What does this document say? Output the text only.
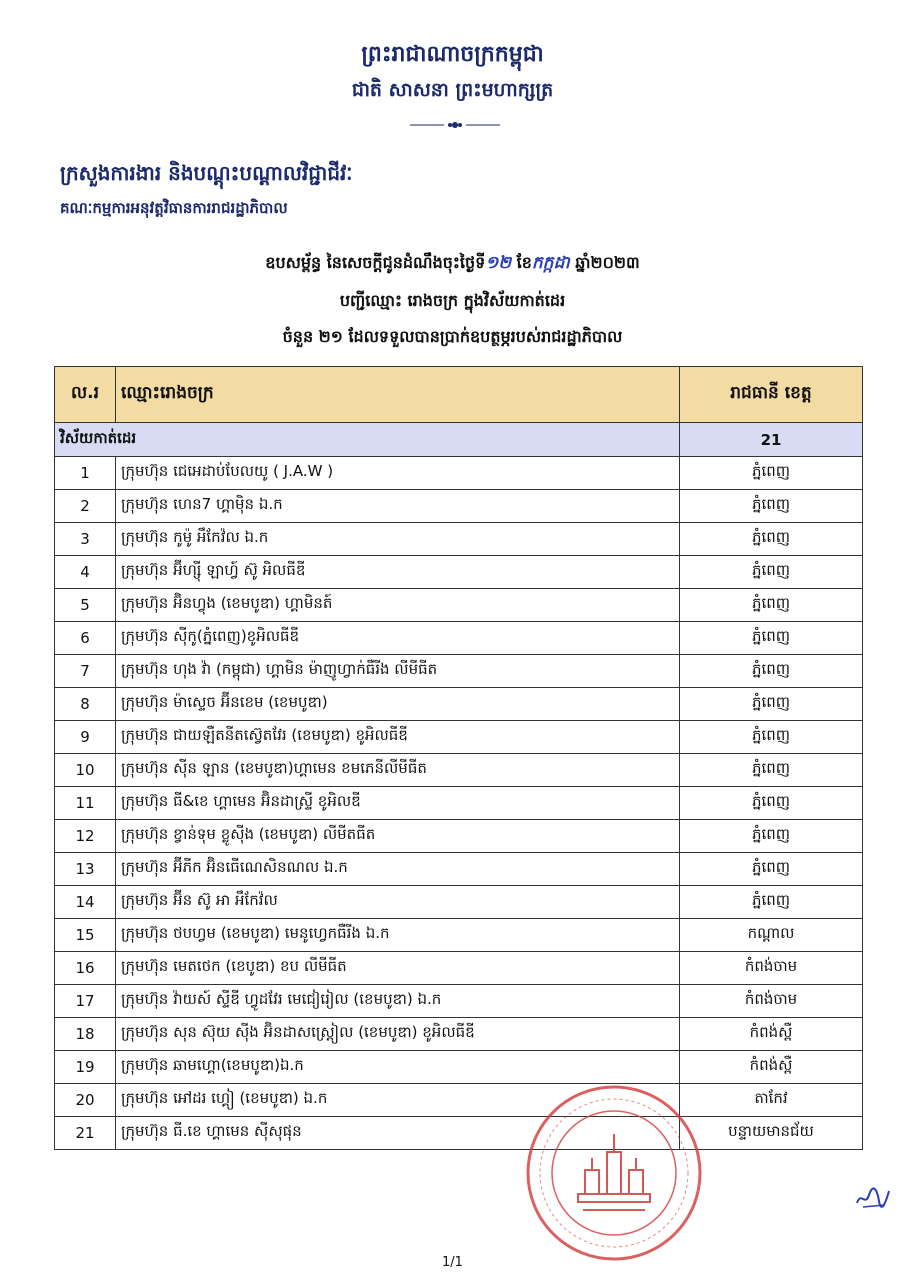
ព្រះរាជាណាចក្រកម្ពុជា
ជាតិ សាសនា ព្រះមហាក្សត្រ
ក្រសួងការងារ និងបណ្តុះបណ្តាលវិជ្ជាជីវៈ
គណៈកម្មការអនុវត្តវិធានការរាជរដ្ឋាភិបាល
ឧបសម្ព័ន្ធ នៃសេចក្តីជូនដំណឹងចុះថ្ងៃទី១២ ខែកក្កដា ឆ្នាំ២០២៣
បញ្ជីឈ្មោះ រោងចក្រ ក្នុងវិស័យកាត់ដេរ
ចំនួន ២១ ដែលទទួលបានប្រាក់ឧបត្ថម្ភរបស់រាជរដ្ឋាភិបាល
ល.រ	ឈ្មោះរោងចក្រ	រាជធានី ខេត្ត
វិស័យកាត់ដេរ		21
1	ក្រុមហ៊ុន ជេអេដាប់បែលយូ ( J.A.W )	ភ្នំពេញ
2	ក្រុមហ៊ុន ហេន7 ហ្គាម៉ិន ឯ.ក	ភ្នំពេញ
3	ក្រុមហ៊ុន កូម៉ូ អឹកែវ៉ល ឯ.ក	ភ្នំពេញ
4	ក្រុមហ៊ុន អ៊ីហ្ស៊ី ឡាហ្វ៍ ស៊ូ អិលធីឌី	ភ្នំពេញ
5	ក្រុមហ៊ុន អ៊ិនហ្វុង (ខេមបូឌា) ហ្គាមិនត៍	ភ្នំពេញ
6	ក្រុមហ៊ុន ស៊ីកូ(ភ្នំពេញ)ខូអិលធីឌី	ភ្នំពេញ
7	ក្រុមហ៊ុន ហុង វ៉ា (កម្ពុជា) ហ្គាមិន ម៉ាញូហ្វាក់ធឺរីង លីមីធីត	ភ្នំពេញ
8	ក្រុមហ៊ុន ម៉ាស្ទេច អ៊ីនខេម (ខេមបូឌា)	ភ្នំពេញ
9	ក្រុមហ៊ុន ជាយឡឺតនីតស្វ៊េតវែរ (ខេមបូឌា) ខូអិលធីឌី	ភ្នំពេញ
10	ក្រុមហ៊ុន ស៊ីន ឡាន (ខេមបូឌា)ហ្គាមេន ខមភេនីលីមីធីត	ភ្នំពេញ
11	ក្រុមហ៊ុន ធី&ខេ ហ្គាមេន អ៊ិនដាស្ទ្រី ខូអិលឌី	ភ្នំពេញ
12	ក្រុមហ៊ុន ខ្វាន់ទុម ខ្លូស៊ីង (ខេមបូឌា) លីមីតធីត	ភ្នំពេញ
13	ក្រុមហ៊ុន អ៊ីភីក អ៊ិនធើណេសិនណល ឯ.ក	ភ្នំពេញ
14	ក្រុមហ៊ុន អ៊ីន ស៊ូ អា អឹកែវ៉ល	ភ្នំពេញ
15	ក្រុមហ៊ុន ថបហ្វម (ខេមបូឌា) មេនូហ្វេកធឺរីង ឯ.ក	កណ្តាល
16	ក្រុមហ៊ុន មេតថេក (ខេបូឌា) ខប លីមីធីត	កំពង់ចាម
17	ក្រុមហ៊ុន វ៉ាយស៍ ស្ទីឌី ហ្វូដវែរ មេជៀរៀល (ខេមបូឌា) ឯ.ក	កំពង់ចាម
18	ក្រុមហ៊ុន សុន ស៊ុយ ស៊ីង អ៊ិនដាសស្ត្រៀល (ខេមបូឌា) ខូអិលធីឌី	កំពង់ស្ពឺ
19	ក្រុមហ៊ុន ឆាមហ្គោ(ខេមបូឌា)ឯ.ក	កំពង់ស្ពឺ
20	ក្រុមហ៊ុន អៅដរ ហ្គៀ (ខេមបូឌា) ឯ.ក	តាកែវ
21	ក្រុមហ៊ុន ធី.ខេ ហ្គាមេន ស៊ីសុផុន	បន្ទាយមានជ័យ
1/1
